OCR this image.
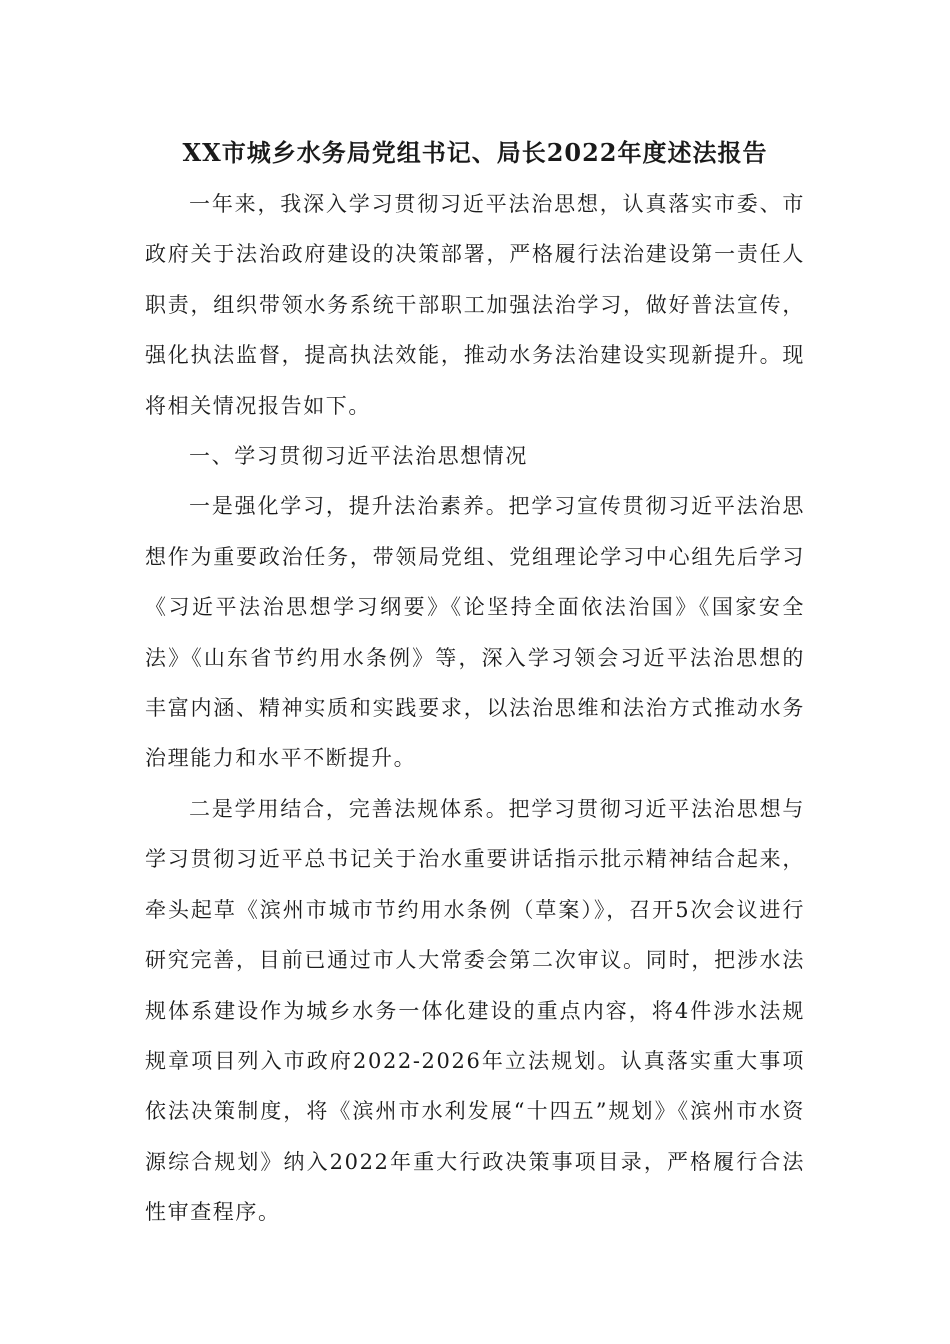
XX市城乡水务局党组书记、局长2022年度述法报告

一年来，我深入学习贯彻习近平法治思想，认真落实市委、市政府关于法治政府建设的决策部署，严格履行法治建设第一责任人职责，组织带领水务系统干部职工加强法治学习，做好普法宣传，强化执法监督，提高执法效能，推动水务法治建设实现新提升。现将相关情况报告如下。

一、学习贯彻习近平法治思想情况

一是强化学习，提升法治素养。把学习宣传贯彻习近平法治思想作为重要政治任务，带领局党组、党组理论学习中心组先后学习《习近平法治思想学习纲要》《论坚持全面依法治国》《国家安全法》《山东省节约用水条例》等，深入学习领会习近平法治思想的丰富内涵、精神实质和实践要求，以法治思维和法治方式推动水务治理能力和水平不断提升。

二是学用结合，完善法规体系。把学习贯彻习近平法治思想与学习贯彻习近平总书记关于治水重要讲话指示批示精神结合起来，牵头起草《滨州市城市节约用水条例（草案）》，召开5次会议进行研究完善，目前已通过市人大常委会第二次审议。同时，把涉水法规体系建设作为城乡水务一体化建设的重点内容，将4件涉水法规规章项目列入市政府2022-2026年立法规划。认真落实重大事项依法决策制度，将《滨州市水利发展“十四五”规划》《滨州市水资源综合规划》纳入2022年重大行政决策事项目录，严格履行合法性审查程序。
